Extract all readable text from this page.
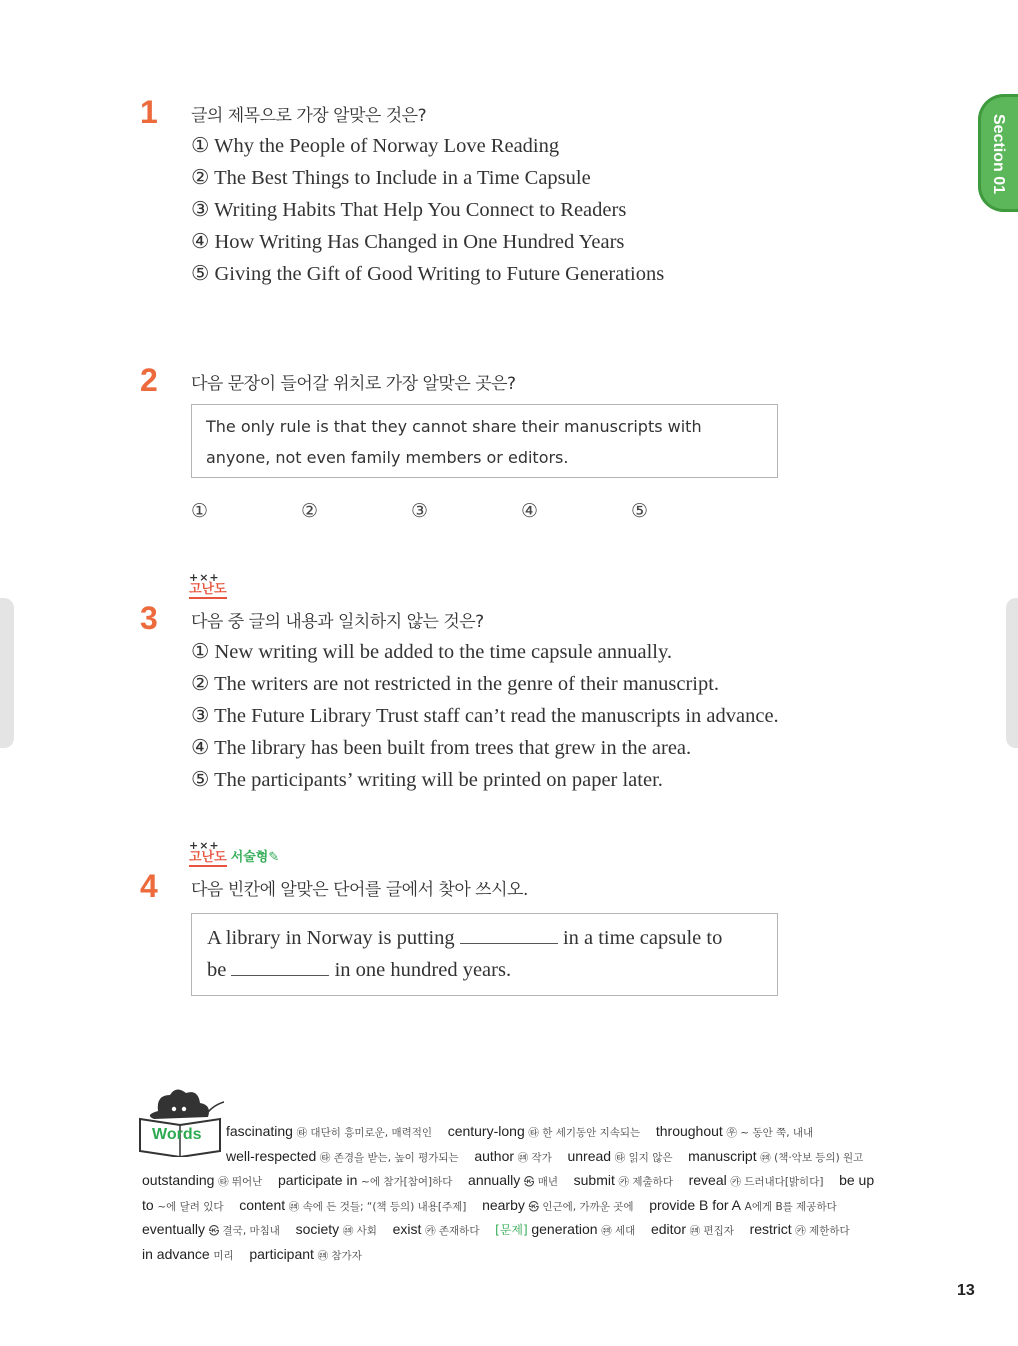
Section 01
1 글의 제목으로 가장 알맞은 것은?
① Why the People of Norway Love Reading
② The Best Things to Include in a Time Capsule
③ Writing Habits That Help You Connect to Readers
④ How Writing Has Changed in One Hundred Years
⑤ Giving the Gift of Good Writing to Future Generations
2 다음 문장이 들어갈 위치로 가장 알맞은 곳은?

The only rule is that they cannot share their manuscripts with

anyone, not even family members or editors.

①	②	③	④	⑤
+×+
고난도
3 다음 중 글의 내용과 일치하지 않는 것은?
① New writing will be added to the time capsule annually.
② The writers are not restricted in the genre of their manuscript.
③ The Future Library Trust staff can’t read the manuscripts in advance.
④ The library has been built from trees that grew in the area.
⑤ The participants’ writing will be printed on paper later.
+×+
고난도 서술형✎
4 다음 빈칸에 알맞은 단어를 글에서 찾아 쓰시오.

A library in Norway is putting	in a time capsule to

be	in one hundred years.

Words	fascinating ㉹ 대단히 흥미로운, 매력적인 century-long ㉹ 한 세기동안 지속되는 throughout ㉾ ~ 동안 쭉, 내내
well-respected ㉹ 존경을 받는, 높이 평가되는 author ㉽ 작가 unread ㉹ 읽지 않은 manuscript ㉽ (책·악보 등의) 원고
outstanding ㉹ 뛰어난 participate in ~에 참가[참여]하다 annually ㉿ 매년 submit ㉸ 제출하다 reveal ㉸ 드러내다[밝히다] be up
to ~에 달려 있다 content ㉽ 속에 든 것들; “(책 등의) 내용[주제] nearby ㉿ 인근에, 가까운 곳에 provide B for A A에게 B를 제공하다
eventually ㉿ 결국, 마침내 society ㉽ 사회 exist ㉸ 존재하다 [문제] generation ㉽ 세대 editor ㉽ 편집자 restrict ㉸ 제한하다
in advance 미리 participant ㉽ 참가자
13
